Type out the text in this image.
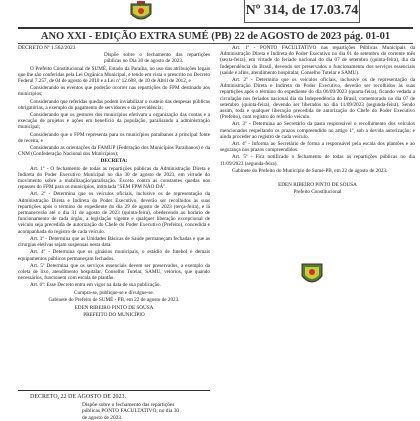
Nº 314, de 17.03.74
ANO XXI - EDIÇÃO EXTRA SUMÉ (PB) 22 de AGOSTO de 2023 pág. 01-01

DECRETO Nº 1.562/2023

Dispõe sobre o fechamento das repartições públicas no Dia 30 de agosto de 2023.

O Prefeito Constitucional de SUMÉ, Estado da Paraíba, no uso das atribuições legais que lhe são conferidas pela Lei Orgânica Municipal, e tendo em vista o prescrito no Decreto Federal 7.257, de 04 de agosto de 2010 e a Lei nº 12.608, de 10 de Abril de 2012, e

Considerando os eventos que poderão ocorrer nas repartições do FPM destinado aos municípios;

Considerando que referidas quedas podem inviabilizar o custeio das despesas públicas obrigatórias, a exemplo do pagamento de servidores e da previdência;

Considerando que os gestores dos municípios efetivam a organização das contas e a execução de projetos e ações em benefício da população, paralisando a administração municipal;

Considerando que o FPM representa para os municípios paraibanos a principal fonte de receita, e

Considerando as orientações da FAMUP (Federação dos Municípios Paraibanos) e da CNM (Confederação Nacional dos Municípios);

DECRETA:

Art. 1º - O fechamento de todas as repartições públicas da Administração Direta e Indireta do Poder Executivo Municipal no dia 30 de agosto de 2023, em virtude do movimento sobre a mobilização/paralisação. Exceto contra as constantes quedas nos repasses do FPM para os municípios, intitulada "SEM FPM NÃO DÁ".

Art. 2º - Determina que os veículos oficiais, inclusive os de representação da Administração Direta e Indireta do Poder Executivo, deverão ser recolhidos às suas repartições após o término do expediente do dia 29 de agosto de 2023 (terça-feira), e lá permanecerão até o dia 31 de agosto de 2023 (quinta-feira), obedecendo ao horário de funcionamento de cada órgão, a legislação vigente e qualquer liberação excepcional de veículo seja precedida de autorização do Chefe do Poder Executivo (Prefeito), concedida e acompanhada do registro de cada veículo.

Art. 3º - Determina que as Unidades Básicas de Saúde permaneçam fechadas e que as cirurgias eletivas sejam suspensas nesta data.

Art. 4º - Determina que os ginásios municipais, o estádio de futebol e demais equipamentos públicos permaneçam fechados.

Art. 5º Determina que os serviços essenciais devem ser preservados, a exemplo da coleta de lixo, atendimento hospitalar, Conselho Tutelar, SAMU, velórios, que quando necessários, funcionem com escala de plantão.

Art. 6º: Esse Decreto entra em vigor na data de sua publicação.

Cumpra-se, publique-se e divulgue-se.

Gabinete do Prefeito de SUMÉ - PB, em 22 de agosto de 2023.

EDEN RIBEIRO PINTO DE SOUSA

PREFEITO DO MUNICÍPIO

DECRETO, 22 DE AGOSTO DE 2023.
Dispõe sobre o fechamento das repartições públicas PONTO FACULTATIVO, no dia 30 de agosto de 2023.

Art. 1º - PONTO FACULTATIVO nas repartições Públicas Municipais da Administração Direta e Indireta do Poder Executivo no dia 01 de setembro do corrente mês (sexta-feira), em virtude do feriado nacional do dia 07 de setembro (quinta-feira), dia da Independência do Brasil, devendo ser preservados o funcionamento dos serviços essenciais (saúde e afins, atendimento hospitalar, Conselho Tutelar e SAMU).

Art. 2º - Determina que os veículos oficiais, inclusive os de representação da Administração Direta e Indireta do Poder Executivo, deverão ser recolhidos às suas repartições após o término do expediente do dia 06/09/2023 (quarta-feira), ficando vedada a circulação nos feriados nacional dia da Independência do Brasil, comemorado no dia 07 de setembro (quinta-feira), devendo ser liberados no dia 11/09/2023 (segunda-feira). Sendo assim, toda e qualquer liberação precedida de autorização do Chefe do Poder Executivo (Prefeito), com registro do referido veículo.

Art. 3º - Determina ao Secretário da pasta responsável o recolhimento dos veículos mencionados respeitando os prazos compreendido no artigo 1º, sob a devida autorização; e ainda proceder ao registro de cada veículo.

Art. 4º - Informa ao Secretário de forma a responsável pela escala dos plantões e ao segurança nos prazos compreendidos.

Art. 5º - Fica notificado o fechamento de todas as repartições públicas no dia 11/09/2023 (segunda-feira).

Gabinete do Prefeito do Município de Sumé-PB, em 22 de agosto de 2023.

EDEN RIBEIRO PINTO DE SOUSA

Prefeito Constitucional
